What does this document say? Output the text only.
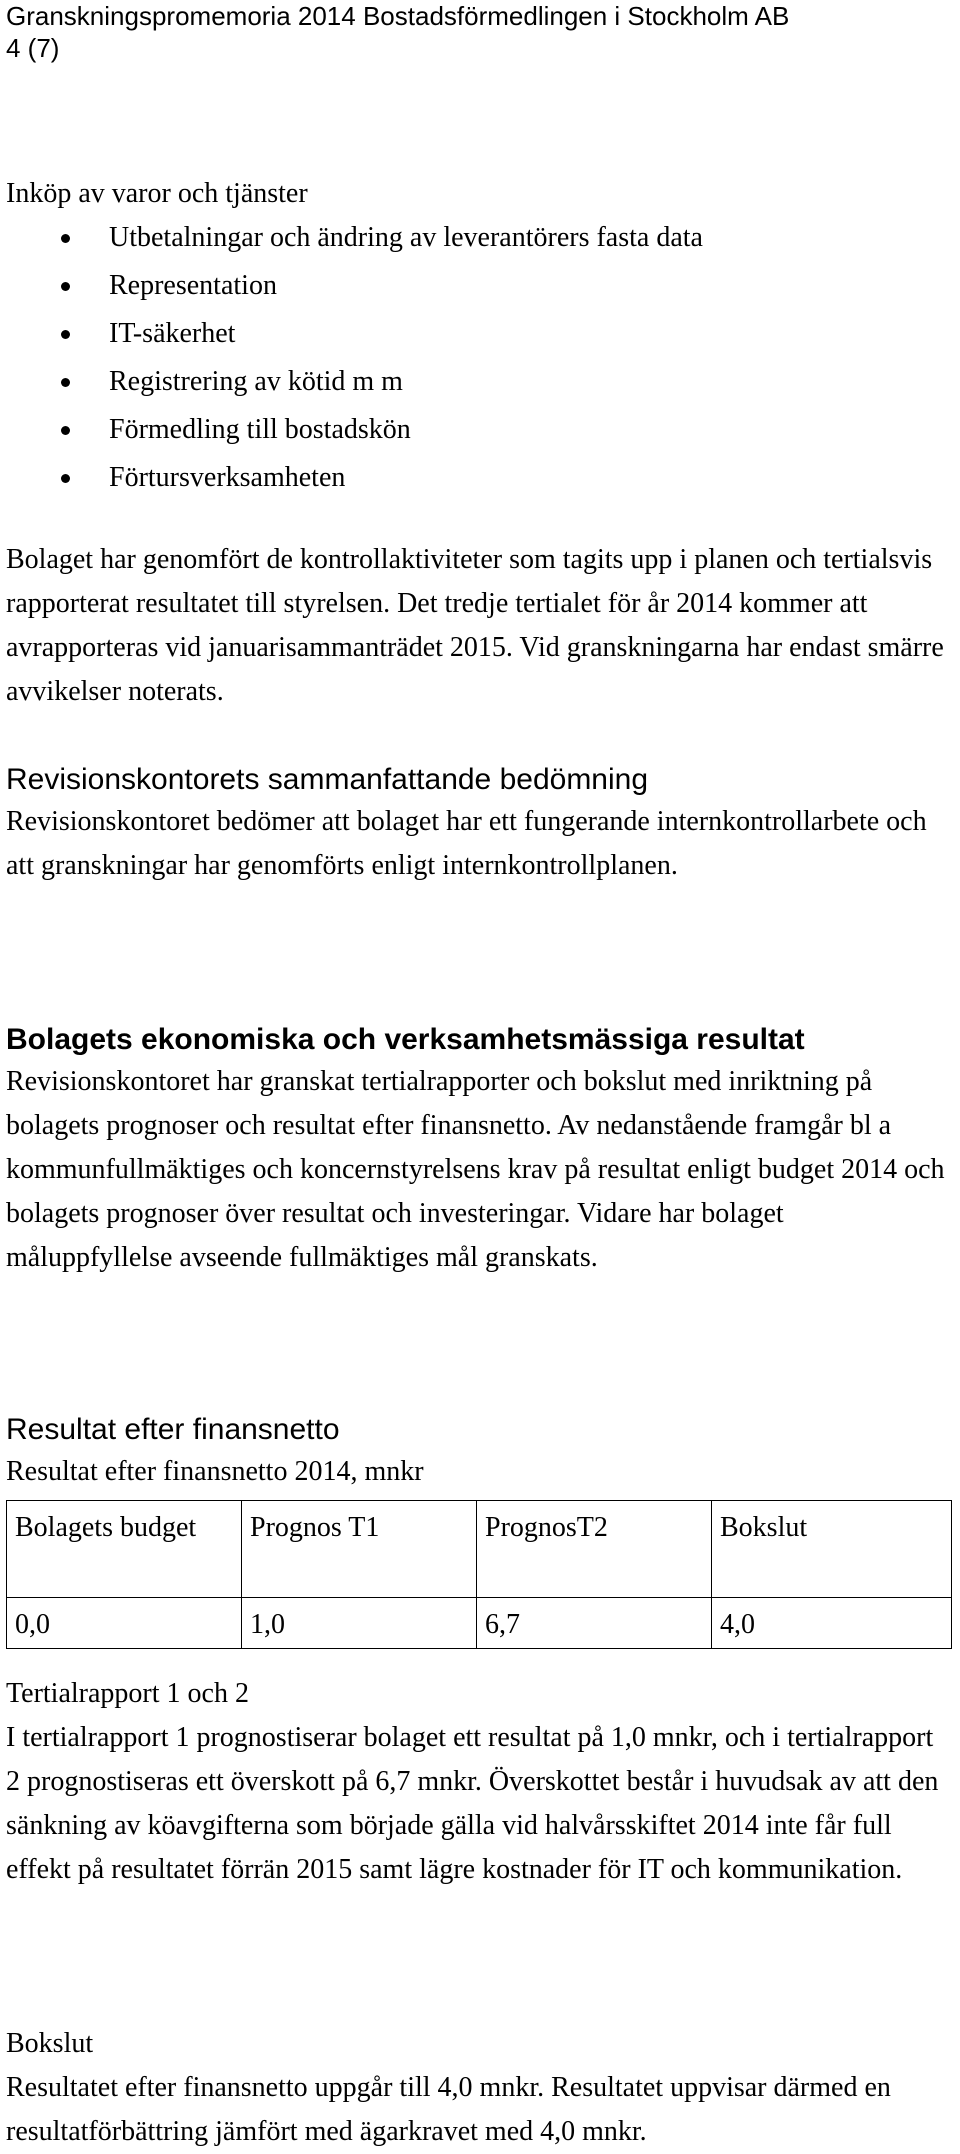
Granskningspromemoria 2014 Bostadsförmedlingen i Stockholm AB
4 (7)
Inköp av varor och tjänster
Utbetalningar och ändring av leverantörers fasta data
Representation
IT-säkerhet
Registrering av kötid m m
Förmedling till bostadskön
Förtursverksamheten

Bolaget har genomfört de kontrollaktiviteter som tagits upp i planen och tertialsvis rapporterat resultatet till styrelsen. Det tredje tertialet för år 2014 kommer att avrapporteras vid januarisammanträdet 2015. Vid granskningarna har endast smärre avvikelser noterats.

Revisionskontorets sammanfattande bedömning

Revisionskontoret bedömer att bolaget har ett fungerande internkontrollarbete och att granskningar har genomförts enligt internkontrollplanen.

Bolagets ekonomiska och verksamhetsmässiga resultat

Revisionskontoret har granskat tertialrapporter och bokslut med inriktning på bolagets prognoser och resultat efter finansnetto. Av nedanstående framgår bl a kommunfullmäktiges och koncernstyrelsens krav på resultat enligt budget 2014 och bolagets prognoser över resultat och investeringar. Vidare har bolaget måluppfyllelse avseende fullmäktiges mål granskats.

Resultat efter finansnetto
Resultat efter finansnetto 2014, mnkr
Bolagets budget	Prognos T1	PrognosT2	Bokslut
0,0	1,0	6,7	4,0
Tertialrapport 1 och 2

I tertialrapport 1 prognostiserar bolaget ett resultat på 1,0 mnkr, och i tertialrapport 2 prognostiseras ett överskott på 6,7 mnkr. Överskottet består i huvudsak av att den sänkning av köavgifterna som började gälla vid halvårsskiftet 2014 inte får full effekt på resultatet förrän 2015 samt lägre kostnader för IT och kommunikation.

Bokslut

Resultatet efter finansnetto uppgår till 4,0 mnkr. Resultatet uppvisar därmed en resultatförbättring jämfört med ägarkravet med 4,0 mnkr.
